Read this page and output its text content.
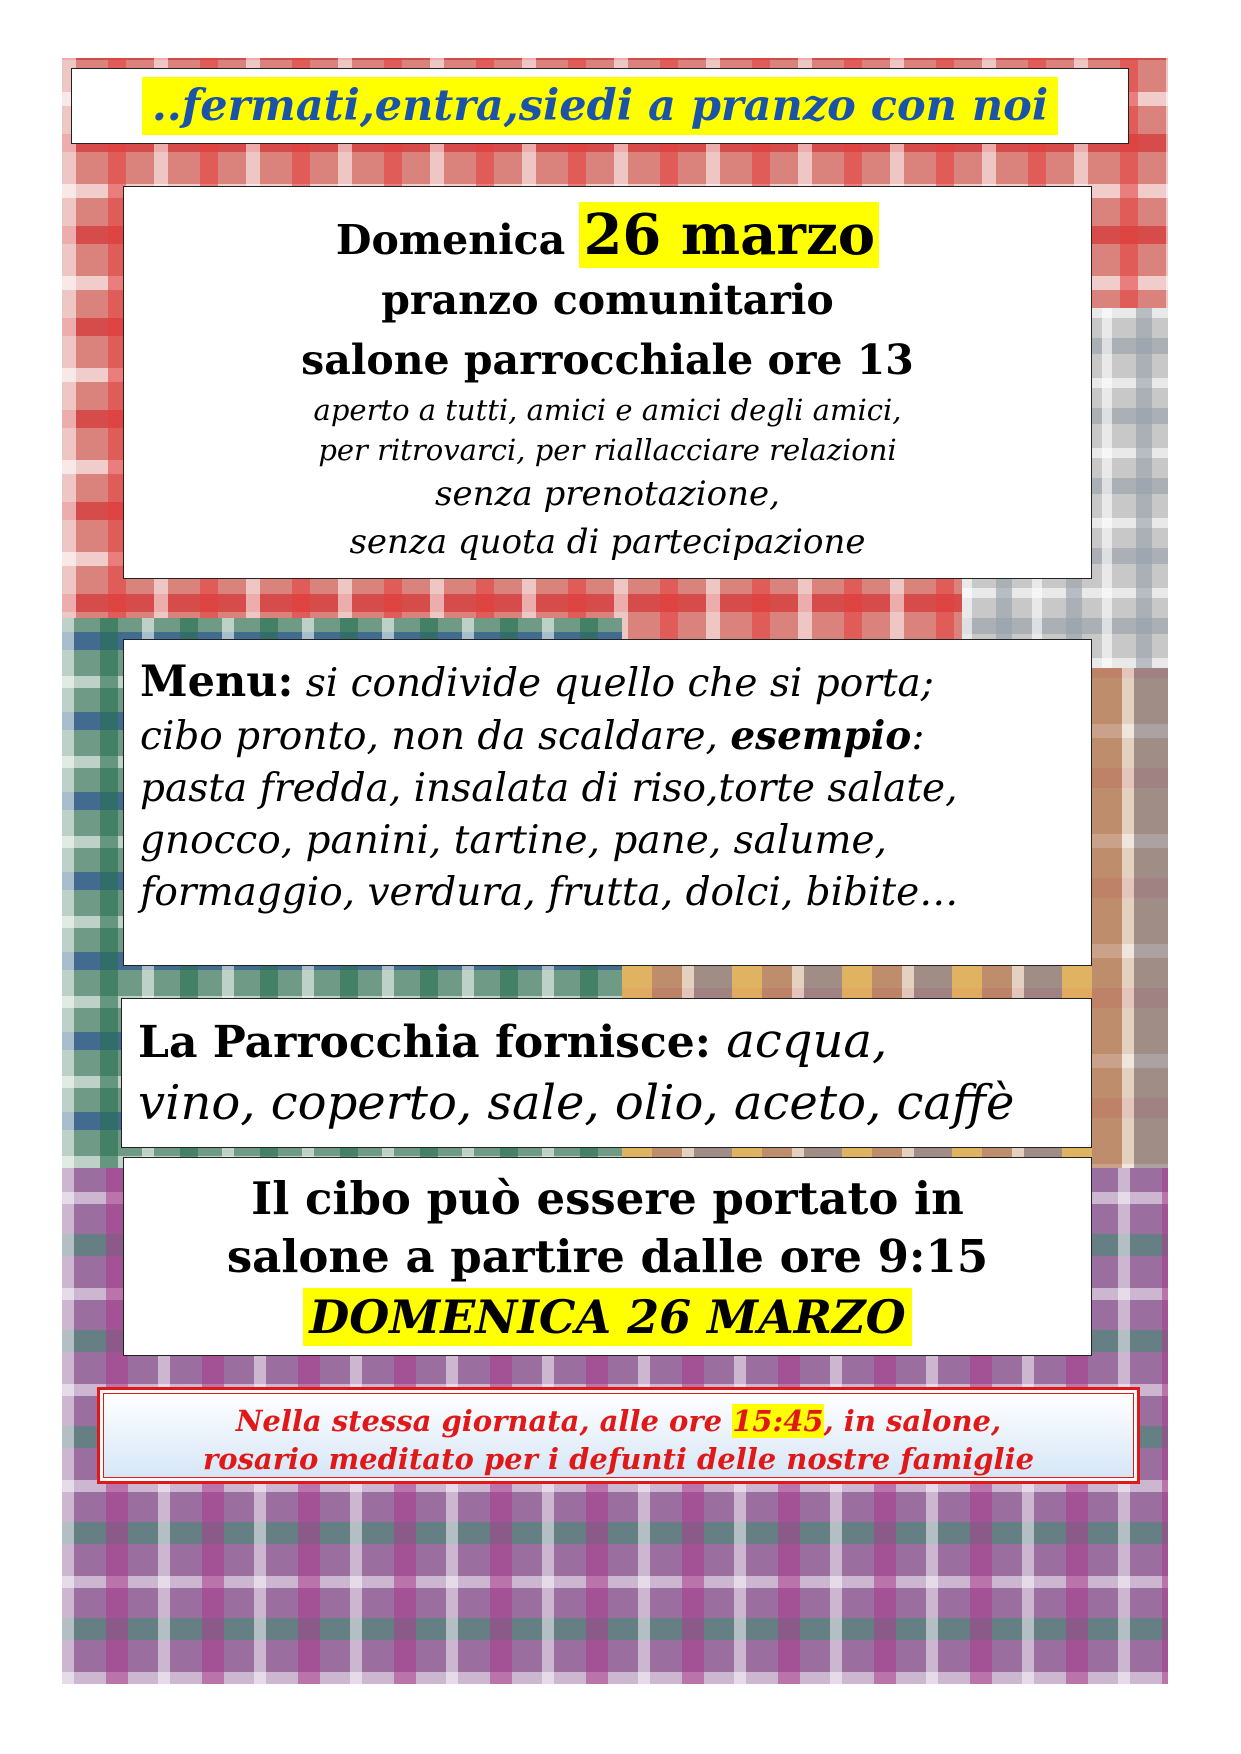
..fermati,entra,siedi a pranzo con noi
Domenica 26 marzo
pranzo comunitario
salone parrocchiale ore 13
aperto a tutti, amici e amici degli amici,
per ritrovarci, per riallacciare relazioni
senza prenotazione,
senza quota di partecipazione

Menu: si condivide quello che si porta;

cibo pronto, non da scaldare, esempio:

pasta fredda, insalata di riso,torte salate,

gnocco, panini, tartine, pane, salume,

formaggio, verdura, frutta, dolci, bibite…

La Parrocchia fornisce: acqua,

vino, coperto, sale, olio, aceto, caffè

Il cibo può essere portato in

salone a partire dalle ore 9:15

DOMENICA 26 MARZO

Nella stessa giornata, alle ore 15:45, in salone,

rosario meditato per i defunti delle nostre famiglie
